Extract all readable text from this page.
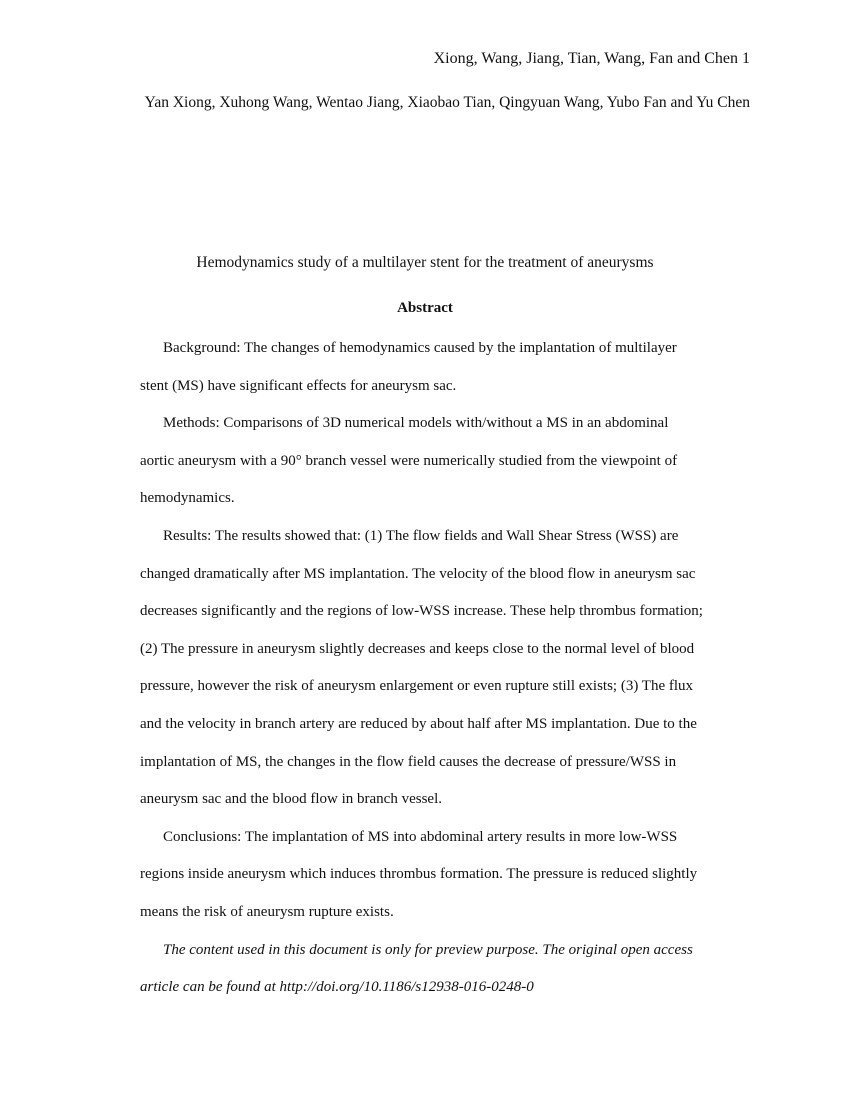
Xiong, Wang, Jiang, Tian, Wang, Fan and Chen 1
Yan Xiong, Xuhong Wang, Wentao Jiang, Xiaobao Tian, Qingyuan Wang, Yubo Fan and Yu Chen
Hemodynamics study of a multilayer stent for the treatment of aneurysms
Abstract

Background: The changes of hemodynamics caused by the implantation of multilayer
stent (MS) have significant effects for aneurysm sac.

Methods: Comparisons of 3D numerical models with/without a MS in an abdominal
aortic aneurysm with a 90° branch vessel were numerically studied from the viewpoint of
hemodynamics.

Results: The results showed that: (1) The flow fields and Wall Shear Stress (WSS) are
changed dramatically after MS implantation. The velocity of the blood flow in aneurysm sac
decreases significantly and the regions of low-WSS increase. These help thrombus formation;
(2) The pressure in aneurysm slightly decreases and keeps close to the normal level of blood
pressure, however the risk of aneurysm enlargement or even rupture still exists; (3) The flux
and the velocity in branch artery are reduced by about half after MS implantation. Due to the
implantation of MS, the changes in the flow field causes the decrease of pressure/WSS in
aneurysm sac and the blood flow in branch vessel.

Conclusions: The implantation of MS into abdominal artery results in more low-WSS
regions inside aneurysm which induces thrombus formation. The pressure is reduced slightly
means the risk of aneurysm rupture exists.

The content used in this document is only for preview purpose. The original open access
article can be found at http://doi.org/10.1186/s12938-016-0248-0
